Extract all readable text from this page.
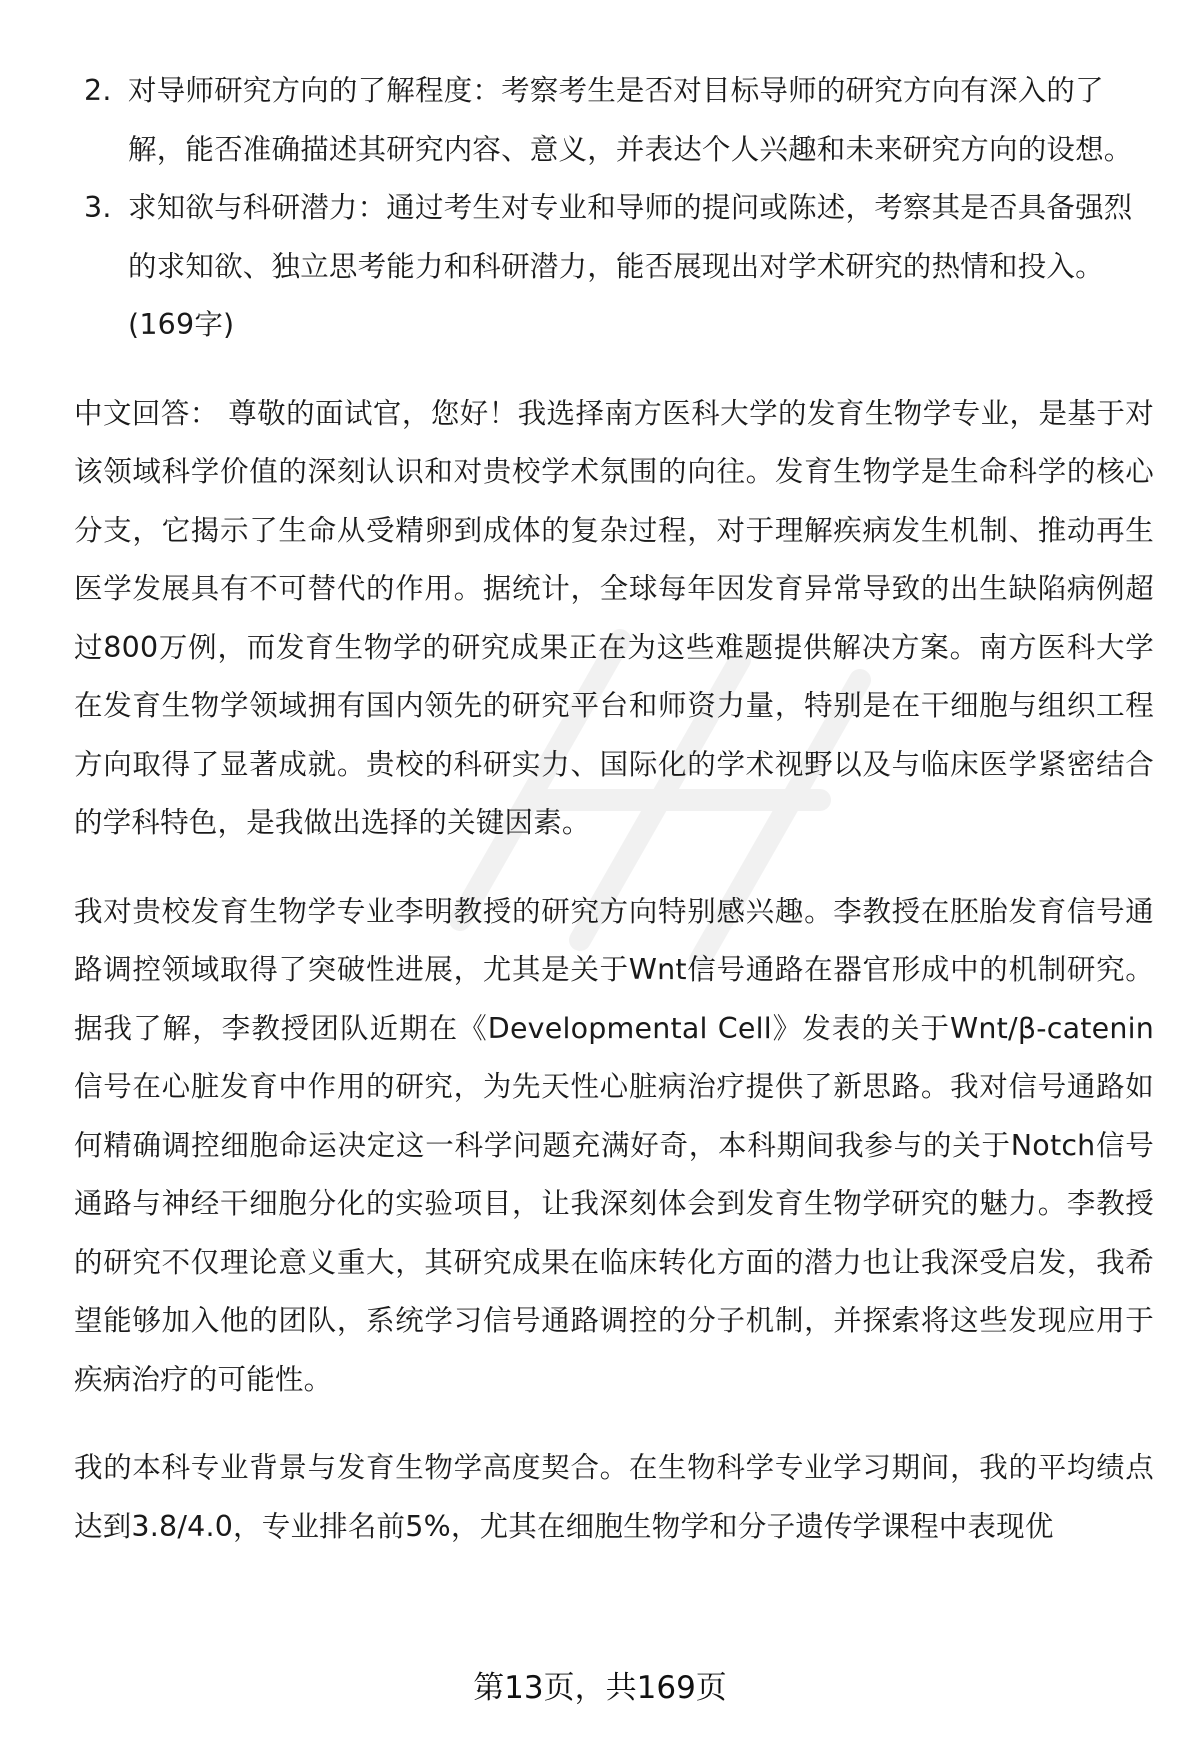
2. 对导师研究方向的了解程度：考察考生是否对目标导师的研究方向有深入的了解，能否准确描述其研究内容、意义，并表达个人兴趣和未来研究方向的设想。
3. 求知欲与科研潜力：通过考生对专业和导师的提问或陈述，考察其是否具备强烈的求知欲、独立思考能力和科研潜力，能否展现出对学术研究的热情和投入。 (169字)

中文回答： 尊敬的面试官，您好！我选择南方医科大学的发育生物学专业，是基于对该领域科学价值的深刻认识和对贵校学术氛围的向往。发育生物学是生命科学的核心分支，它揭示了生命从受精卵到成体的复杂过程，对于理解疾病发生机制、推动再生医学发展具有不可替代的作用。据统计，全球每年因发育异常导致的出生缺陷病例超过800万例，而发育生物学的研究成果正在为这些难题提供解决方案。南方医科大学在发育生物学领域拥有国内领先的研究平台和师资力量，特别是在干细胞与组织工程方向取得了显著成就。贵校的科研实力、国际化的学术视野以及与临床医学紧密结合的学科特色，是我做出选择的关键因素。

我对贵校发育生物学专业李明教授的研究方向特别感兴趣。李教授在胚胎发育信号通路调控领域取得了突破性进展，尤其是关于Wnt信号通路在器官形成中的机制研究。据我了解，李教授团队近期在《Developmental Cell》发表的关于Wnt/β-catenin信号在心脏发育中作用的研究，为先天性心脏病治疗提供了新思路。我对信号通路如何精确调控细胞命运决定这一科学问题充满好奇，本科期间我参与的关于Notch信号通路与神经干细胞分化的实验项目，让我深刻体会到发育生物学研究的魅力。李教授的研究不仅理论意义重大，其研究成果在临床转化方面的潜力也让我深受启发，我希望能够加入他的团队，系统学习信号通路调控的分子机制，并探索将这些发现应用于疾病治疗的可能性。

我的本科专业背景与发育生物学高度契合。在生物科学专业学习期间，我的平均绩点达到3.8/4.0，专业排名前5%，尤其在细胞生物学和分子遗传学课程中表现优

第13页，共169页
